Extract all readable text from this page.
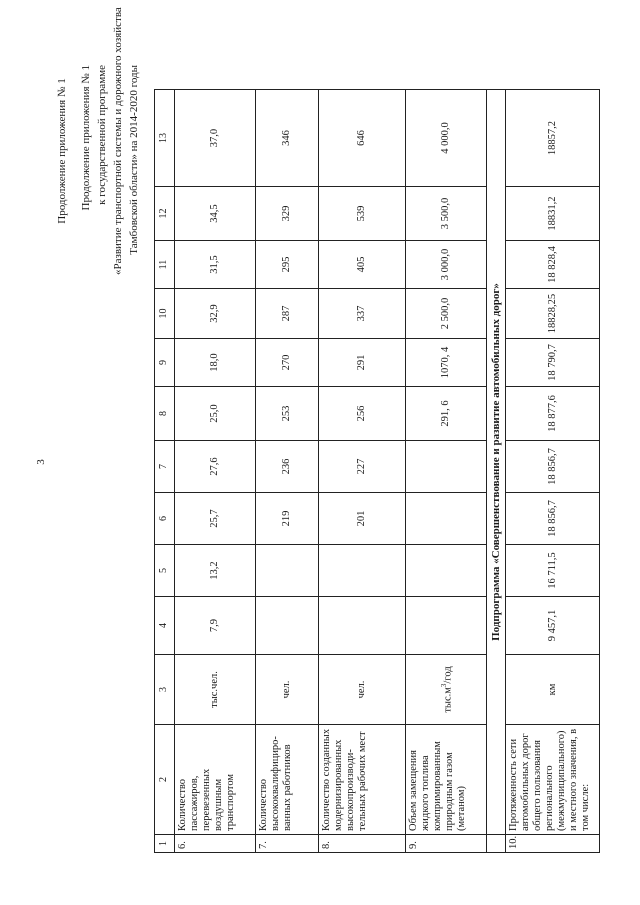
3
Продолжение приложения № 1 Продолжение приложения № 1 к государственной программе «Развитие транспортной системы и дорожного хозяйства Тамбовской области» на 2014-2020 годы
1	2	3	4	5	6	7	8	9	10	11	12	13
6.	Количество пассажиров, перевезенных воздушным транспортом	тыс.чел.	7,9	13,2	25,7	27,6	25,0	18,0	32,9	31,5	34,5	37,0
7.	Количество высококвалифициро-ванных работников	чел.			219	236	253	270	287	295	329	346
8.	Количество созданных модернизированных высокопроизводи-тельных рабочих мест	чел.			201	227	256	291	337	405	539	646
9.	Объем замещения жидкого топлива компримированным природным газом (метаном)	$тыс.м^3$/год					291, 6	1070, 4	2 500,0	3 000,0	3 500,0	4 000,0
	Подпрограмма «Совершенствование и развитие автомобильных дорог»											
10.	Протяженность сети автомобильных дорог общего пользования регионального (межмуниципального) и местного значения, в том числе:	км	9 457,1	16 711,5	18 856,7	18 856,7	18 877,6	18 790,7	18828,25	18 828,4	18831,2	18857,2
